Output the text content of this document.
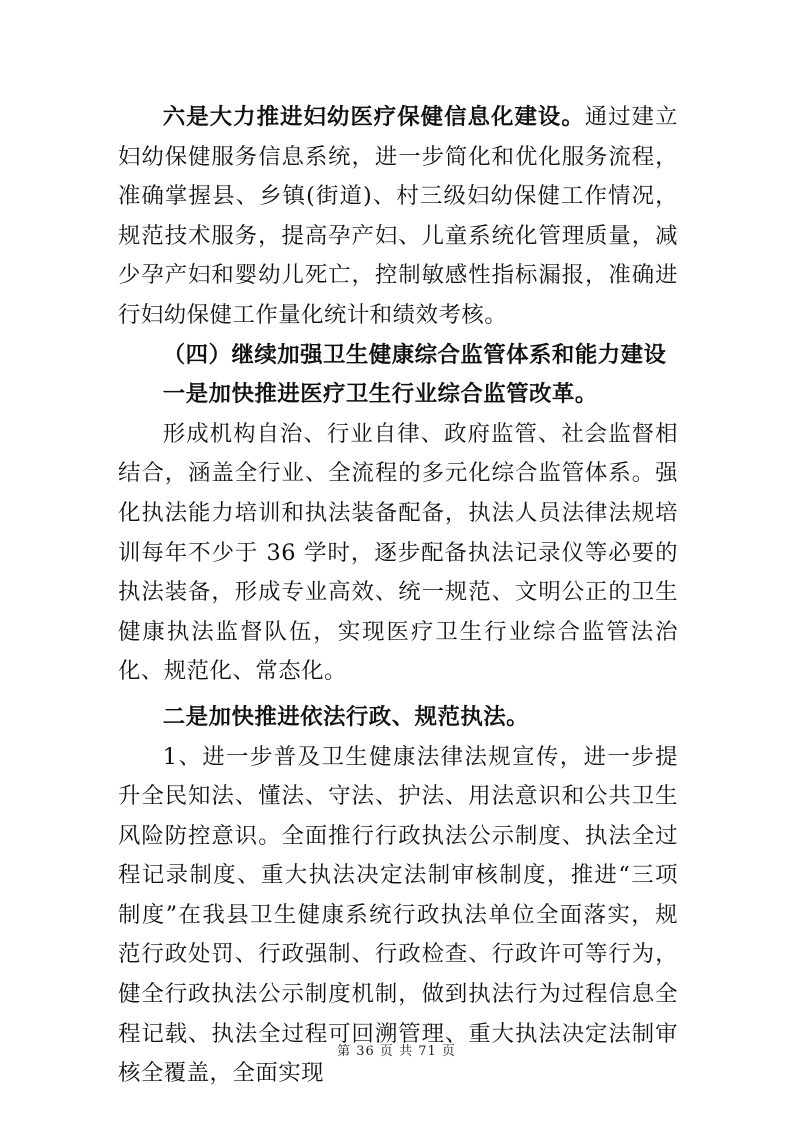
六是大力推进妇幼医疗保健信息化建设。通过建立妇幼保健服务信息系统，进一步简化和优化服务流程，准确掌握县、乡镇(街道)、村三级妇幼保健工作情况，规范技术服务，提高孕产妇、儿童系统化管理质量，减少孕产妇和婴幼儿死亡，控制敏感性指标漏报，准确进行妇幼保健工作量化统计和绩效考核。

（四）继续加强卫生健康综合监管体系和能力建设

一是加快推进医疗卫生行业综合监管改革。

形成机构自治、行业自律、政府监管、社会监督相结合，涵盖全行业、全流程的多元化综合监管体系。强化执法能力培训和执法装备配备，执法人员法律法规培训每年不少于 36 学时，逐步配备执法记录仪等必要的执法装备，形成专业高效、统一规范、文明公正的卫生健康执法监督队伍，实现医疗卫生行业综合监管法治化、规范化、常态化。

二是加快推进依法行政、规范执法。

1、进一步普及卫生健康法律法规宣传，进一步提升全民知法、懂法、守法、护法、用法意识和公共卫生风险防控意识。全面推行行政执法公示制度、执法全过程记录制度、重大执法决定法制审核制度，推进“三项制度”在我县卫生健康系统行政执法单位全面落实，规范行政处罚、行政强制、行政检查、行政许可等行为，健全行政执法公示制度机制，做到执法行为过程信息全程记载、执法全过程可回溯管理、重大执法决定法制审核全覆盖，全面实现

第 36 页 共 71 页
